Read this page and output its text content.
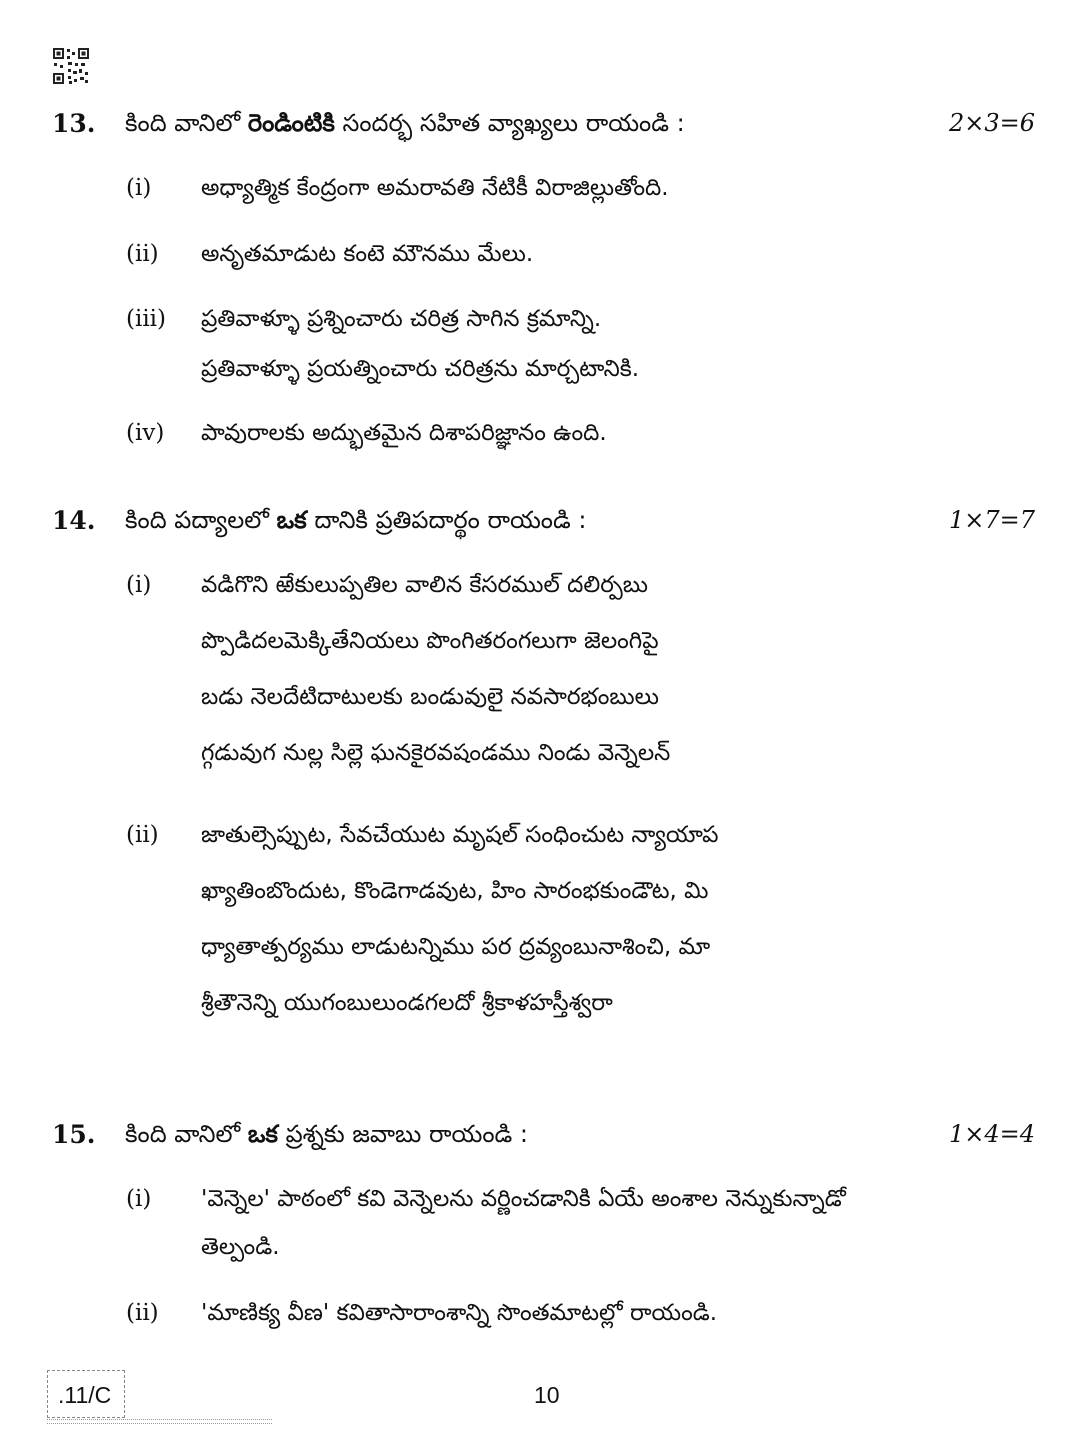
13. కింది వానిలో రెండింటికి సందర్భ సహిత వ్యాఖ్యలు రాయండి :	2×3=6
(i) అధ్యాత్మిక కేంద్రంగా అమరావతి నేటికీ విరాజిల్లుతోంది.
(ii) అనృతమాడుట కంటె మౌనము మేలు.
(iii) ప్రతివాళ్ళూ ప్రశ్నించారు చరిత్ర సాగిన క్రమాన్ని.
ప్రతివాళ్ళూ ప్రయత్నించారు చరిత్రను మార్చటానికి.
(iv) పావురాలకు అద్భుతమైన దిశాపరిజ్ఞానం ఉంది.
14. కింది పద్యాలలో ఒక దానికి ప్రతిపదార్థం రాయండి :	1×7=7
(i) వడిగొని ఱేకులుప్పతిల వాలిన కేసరముల్ దలిర్పబు
ప్పొడిదలమెక్కితేనియలు పొంగితరంగలుగా జెలంగిపై
బడు నెలదేటిదాటులకు బండువులై నవసారభంబులు
గ్గడువుగ నుల్ల సిల్లె ఘనకైరవషండము నిండు వెన్నెలన్
(ii) జాతుల్సెప్పుట, సేవచేయుట మృషల్ సంధించుట న్యాయాప
ఖ్యాతింబొందుట, కొండెగాడవుట, హిం సారంభకుండౌట, మి
ధ్యాతాత్పర్యము లాడుటన్నిము పర ద్రవ్యంబునాశించి, మా
శ్రీతౌనెన్ని యుగంబులుండగలదో శ్రీకాళహస్తీశ్వరా
15. కింది వానిలో ఒక ప్రశ్నకు జవాబు రాయండి :	1×4=4
(i) 'వెన్నెల' పాఠంలో కవి వెన్నెలను వర్ణించడానికి ఏయే అంశాల నెన్నుకున్నాడో
తెల్పండి.
(ii) 'మాణిక్య వీణ' కవితాసారాంశాన్ని సొంతమాటల్లో రాయండి.
.11/C	10
